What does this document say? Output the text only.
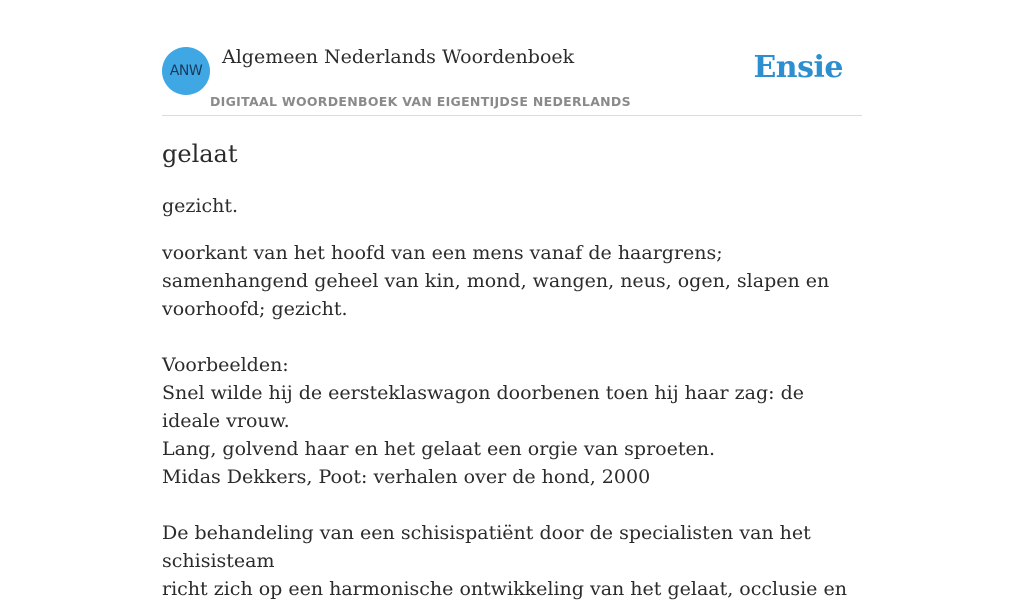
ANW
Algemeen Nederlands Woordenboek
DIGITAAL WOORDENBOEK VAN EIGENTIJDSE NEDERLANDS
Ensie
gelaat

gezicht.

voorkant van het hoofd van een mens vanaf de haargrens; samenhangend geheel van kin, mond, wangen, neus, ogen, slapen en voorhoofd; gezicht.

Voorbeelden:
Snel wilde hij de eersteklaswagon doorbenen toen hij haar zag: de ideale vrouw.
Lang, golvend haar en het gelaat een orgie van sproeten.
Midas Dekkers, Poot: verhalen over de hond, 2000
De behandeling van een schisispatiënt door de specialisten van het schisisteam
richt zich op een harmonische ontwikkeling van het gelaat, occlusie en
